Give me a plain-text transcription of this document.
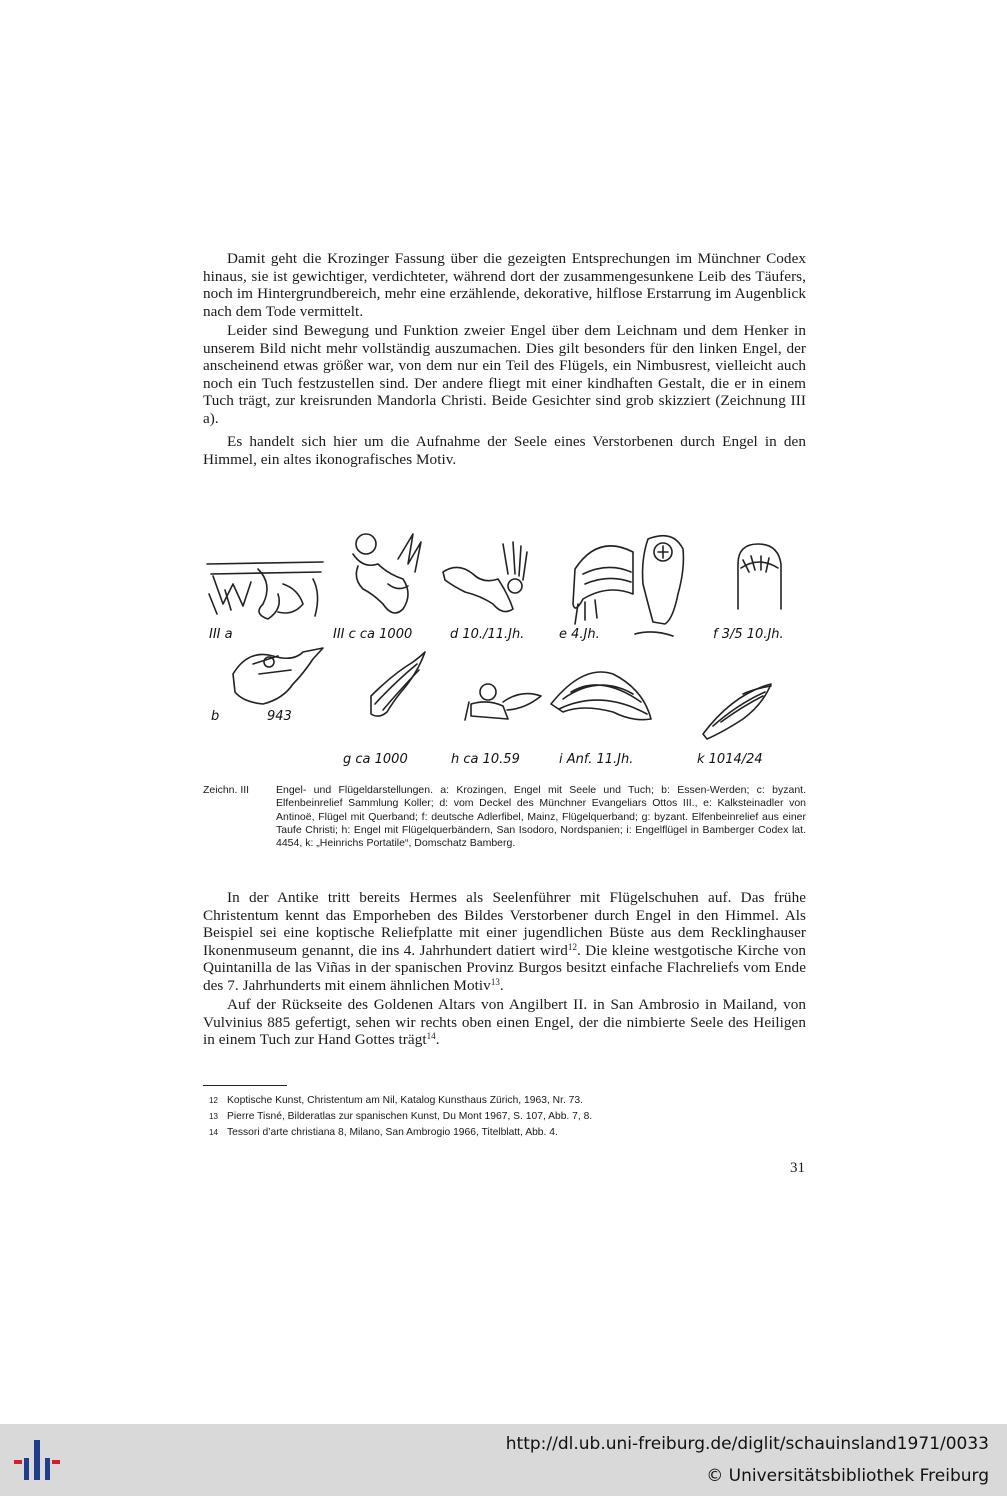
Damit geht die Krozinger Fassung über die gezeigten Entsprechungen im Münchner Codex hinaus, sie ist gewichtiger, verdichteter, während dort der zusammengesunkene Leib des Täufers, noch im Hintergrundbereich, mehr eine erzählende, dekorative, hilflose Erstarrung im Augenblick nach dem Tode vermittelt.

Leider sind Bewegung und Funktion zweier Engel über dem Leichnam und dem Henker in unserem Bild nicht mehr vollständig auszumachen. Dies gilt besonders für den linken Engel, der anscheinend etwas größer war, von dem nur ein Teil des Flügels, ein Nimbusrest, vielleicht auch noch ein Tuch festzustellen sind. Der andere fliegt mit einer kindhaften Gestalt, die er in einem Tuch trägt, zur kreisrunden Mandorla Christi. Beide Gesichter sind grob skizziert (Zeichnung III a).

Es handelt sich hier um die Aufnahme der Seele eines Verstorbenen durch Engel in den Himmel, ein altes ikonografisches Motiv.

III a	III c ca 1000	d 10./11.Jh.	e 4.Jh.	f 3/5 10.Jh.
b	943
g ca 1000	h ca 10.59	i Anf. 11.Jh.	k 1014/24
Zeichn. III	Engel- und Flügeldarstellungen. a: Krozingen, Engel mit Seele und Tuch; b: Essen-Werden; c: byzant. Elfenbeinrelief Sammlung Koller; d: vom Deckel des Münchner Evangeliars Ottos III., e: Kalksteinadler von Antinoë, Flügel mit Querband; f: deutsche Adlerfibel, Mainz, Flügelquerband; g: byzant. Elfenbeinrelief aus einer Taufe Christi; h: Engel mit Flügelquerbändern, San Isodoro, Nordspanien; i: Engelflügel in Bamberger Codex lat. 4454, k: „Heinrichs Portatile“, Domschatz Bamberg.

In der Antike tritt bereits Hermes als Seelenführer mit Flügelschuhen auf. Das frühe Christentum kennt das Emporheben des Bildes Verstorbener durch Engel in den Himmel. Als Beispiel sei eine koptische Reliefplatte mit einer jugendlichen Büste aus dem Recklinghauser Ikonenmuseum genannt, die ins 4. Jahrhundert datiert wird$^{12}$. Die kleine westgotische Kirche von Quintanilla de las Viñas in der spanischen Provinz Burgos besitzt einfache Flachreliefs vom Ende des 7. Jahrhunderts mit einem ähnlichen Motiv$^{13}$.

Auf der Rückseite des Goldenen Altars von Angilbert II. in San Ambrosio in Mailand, von Vulvinius 885 gefertigt, sehen wir rechts oben einen Engel, der die nimbierte Seele des Heiligen in einem Tuch zur Hand Gottes trägt$^{14}$.

12 Koptische Kunst, Christentum am Nil, Katalog Kunsthaus Zürich, 1963, Nr. 73.
13 Pierre Tisné, Bilderatlas zur spanischen Kunst, Du Mont 1967, S. 107, Abb. 7, 8.
14 Tessori d’arte christiana 8, Milano, San Ambrogio 1966, Titelblatt, Abb. 4.
31
http://dl.ub.uni-freiburg.de/diglit/schauinsland1971/0033
© Universitätsbibliothek Freiburg
